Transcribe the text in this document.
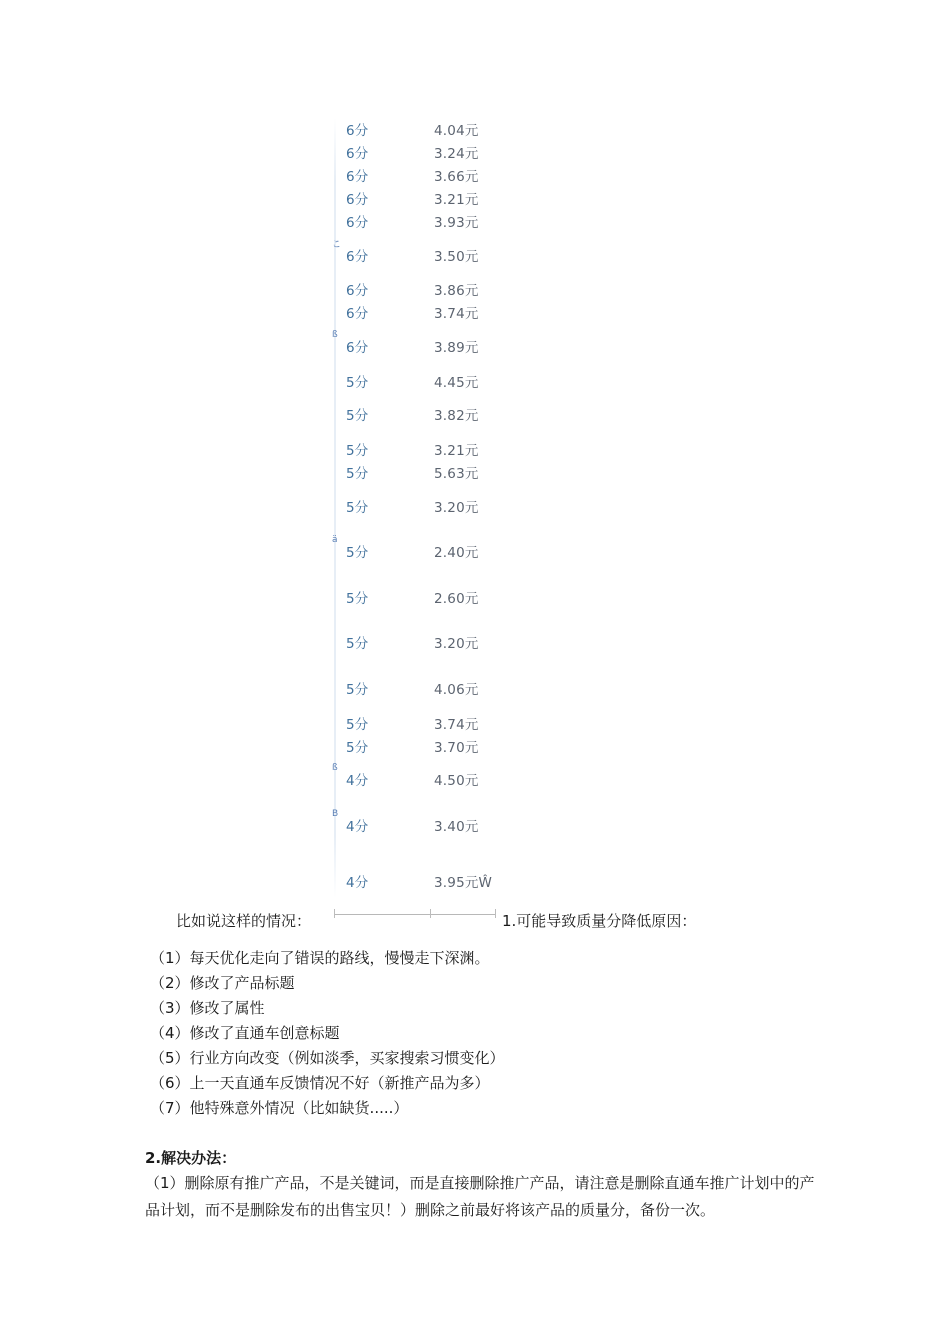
こ
ß
ä
ß
B
6分	4.04元
6分	3.24元
6分	3.66元
6分	3.21元
6分	3.93元
6分	3.50元
6分	3.86元
6分	3.74元
6分	3.89元
5分	4.45元
5分	3.82元
5分	3.21元
5分	5.63元
5分	3.20元
5分	2.40元
5分	2.60元
5分	3.20元
5分	4.06元
5分	3.74元
5分	3.70元
4分	4.50元
4分	3.40元
4分	3.95元Ŵ
比如说这样的情况：	1.可能导致质量分降低原因：
（1）每天优化走向了错误的路线，慢慢走下深渊。
（2）修改了产品标题
（3）修改了属性
（4）修改了直通车创意标题
（5）行业方向改变（例如淡季，买家搜索习惯变化）
（6）上一天直通车反馈情况不好（新推产品为多）
（7）他特殊意外情况（比如缺货.....）
2.解决办法：

（1）删除原有推广产品，不是关键词，而是直接删除推广产品，请注意是删除直通车推广计划中的产品计划，而不是删除发布的出售宝贝！）删除之前最好将该产品的质量分，备份一次。
